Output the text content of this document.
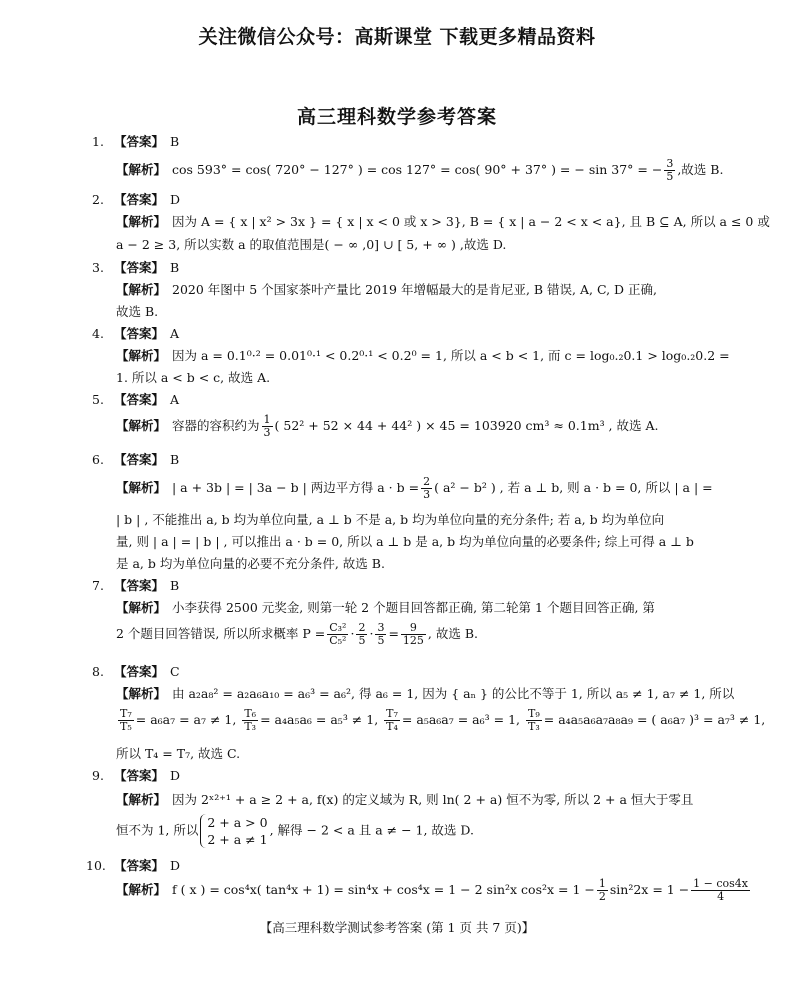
关注微信公众号：高斯课堂 下载更多精品资料
高三理科数学参考答案
1. 【答案】 B
【解析】 cos 593° = cos( 720° − 127° ) = cos 127° = cos( 90° + 37° ) = − sin 37° = − $\frac{3}{5}$ ,故选 B.
2. 【答案】 D
【解析】 因为 A = { x | x² > 3x } = { x | x < 0 或 x > 3}, B = { x | a − 2 < x < a}, 且 B ⊆ A, 所以 a ≤ 0 或
a − 2 ≥ 3, 所以实数 a 的取值范围是( − ∞ ,0] ∪ [ 5, + ∞ ) ,故选 D.
3. 【答案】 B
【解析】 2020 年图中 5 个国家茶叶产量比 2019 年增幅最大的是肯尼亚, B 错误, A, C, D 正确,
故选 B.
4. 【答案】 A
【解析】 因为 a = 0.1⁰·² = 0.01⁰·¹ < 0.2⁰·¹ < 0.2⁰ = 1, 所以 a < b < 1, 而 c = log₀.₂0.1 > log₀.₂0.2 =
1. 所以 a < b < c, 故选 A.
5. 【答案】 A
【解析】 容器的容积约为 $\frac{1}{3}$ ( 52² + 52 × 44 + 44² ) × 45 = 103920 cm³ ≈ 0.1m³ , 故选 A.
6. 【答案】 B
【解析】 | a + 3b | = | 3a − b | 两边平方得 $a \cdot b = \frac{2}{3}$ ( a² − b² ) , 若 a ⊥ b, 则 a · b = 0, 所以 | a | =
| b | , 不能推出 a, b 均为单位向量, a ⊥ b 不是 a, b 均为单位向量的充分条件; 若 a, b 均为单位向
量, 则 | a | = | b | , 可以推出 a · b = 0, 所以 a ⊥ b 是 a, b 均为单位向量的必要条件; 综上可得 a ⊥ b
是 a, b 均为单位向量的必要不充分条件, 故选 B.
7. 【答案】 B
【解析】 小李获得 2500 元奖金, 则第一轮 2 个题目回答都正确, 第二轮第 1 个题目回答正确, 第
2 个题目回答错误, 所以所求概率 $P = \frac{\text{C₃²}}{\text{C₅²}} \cdot \frac{2}{5} \cdot \frac{3}{5} = \frac{9}{125}$ , 故选 B.
8. 【答案】 C
【解析】 由 a₂a₈² = a₂a₆a₁₀ = a₆³ = a₆², 得 a₆ = 1, 因为 { aₙ } 的公比不等于 1, 所以 a₅ ≠ 1, a₇ ≠ 1, 所以
$\frac{\text{T₇}}{\text{T₅}} = a_6a_7 = a_7 \ne 1$, $\frac{\text{T₆}}{\text{T₃}} = a_4a_5a_6 = a_5^3 \ne 1$, $\frac{\text{T₇}}{\text{T₄}} = a_5a_6a_7 = a_6^3 = 1$, $\frac{\text{T₉}}{\text{T₃}} = a_4a_5a_6a_7a_8a_9$ = ( a₆a₇ )³ = a₇³ ≠ 1,
所以 T₄ = T₇, 故选 C.
9. 【答案】 D
【解析】 因为 2ˣ²⁺¹ + a ≥ 2 + a, f(x) 的定义域为 R, 则 ln( 2 + a) 恒不为零, 所以 2 + a 恒大于零且
恒不为 1, 所以 2 + a > 0
2 + a ≠ 1
, 解得 − 2 < a 且 a ≠ − 1, 故选 D.
10. 【答案】 D
【解析】 f ( x ) = cos⁴x( tan⁴x + 1) = sin⁴x + cos⁴x = 1 − 2 sin²x $\cos^2x = 1 - \frac{1}{2} \sin^22x = 1 - \frac{1 - \cos 4x}{4}$
【高三理科数学测试参考答案 (第 1 页 共 7 页)】
